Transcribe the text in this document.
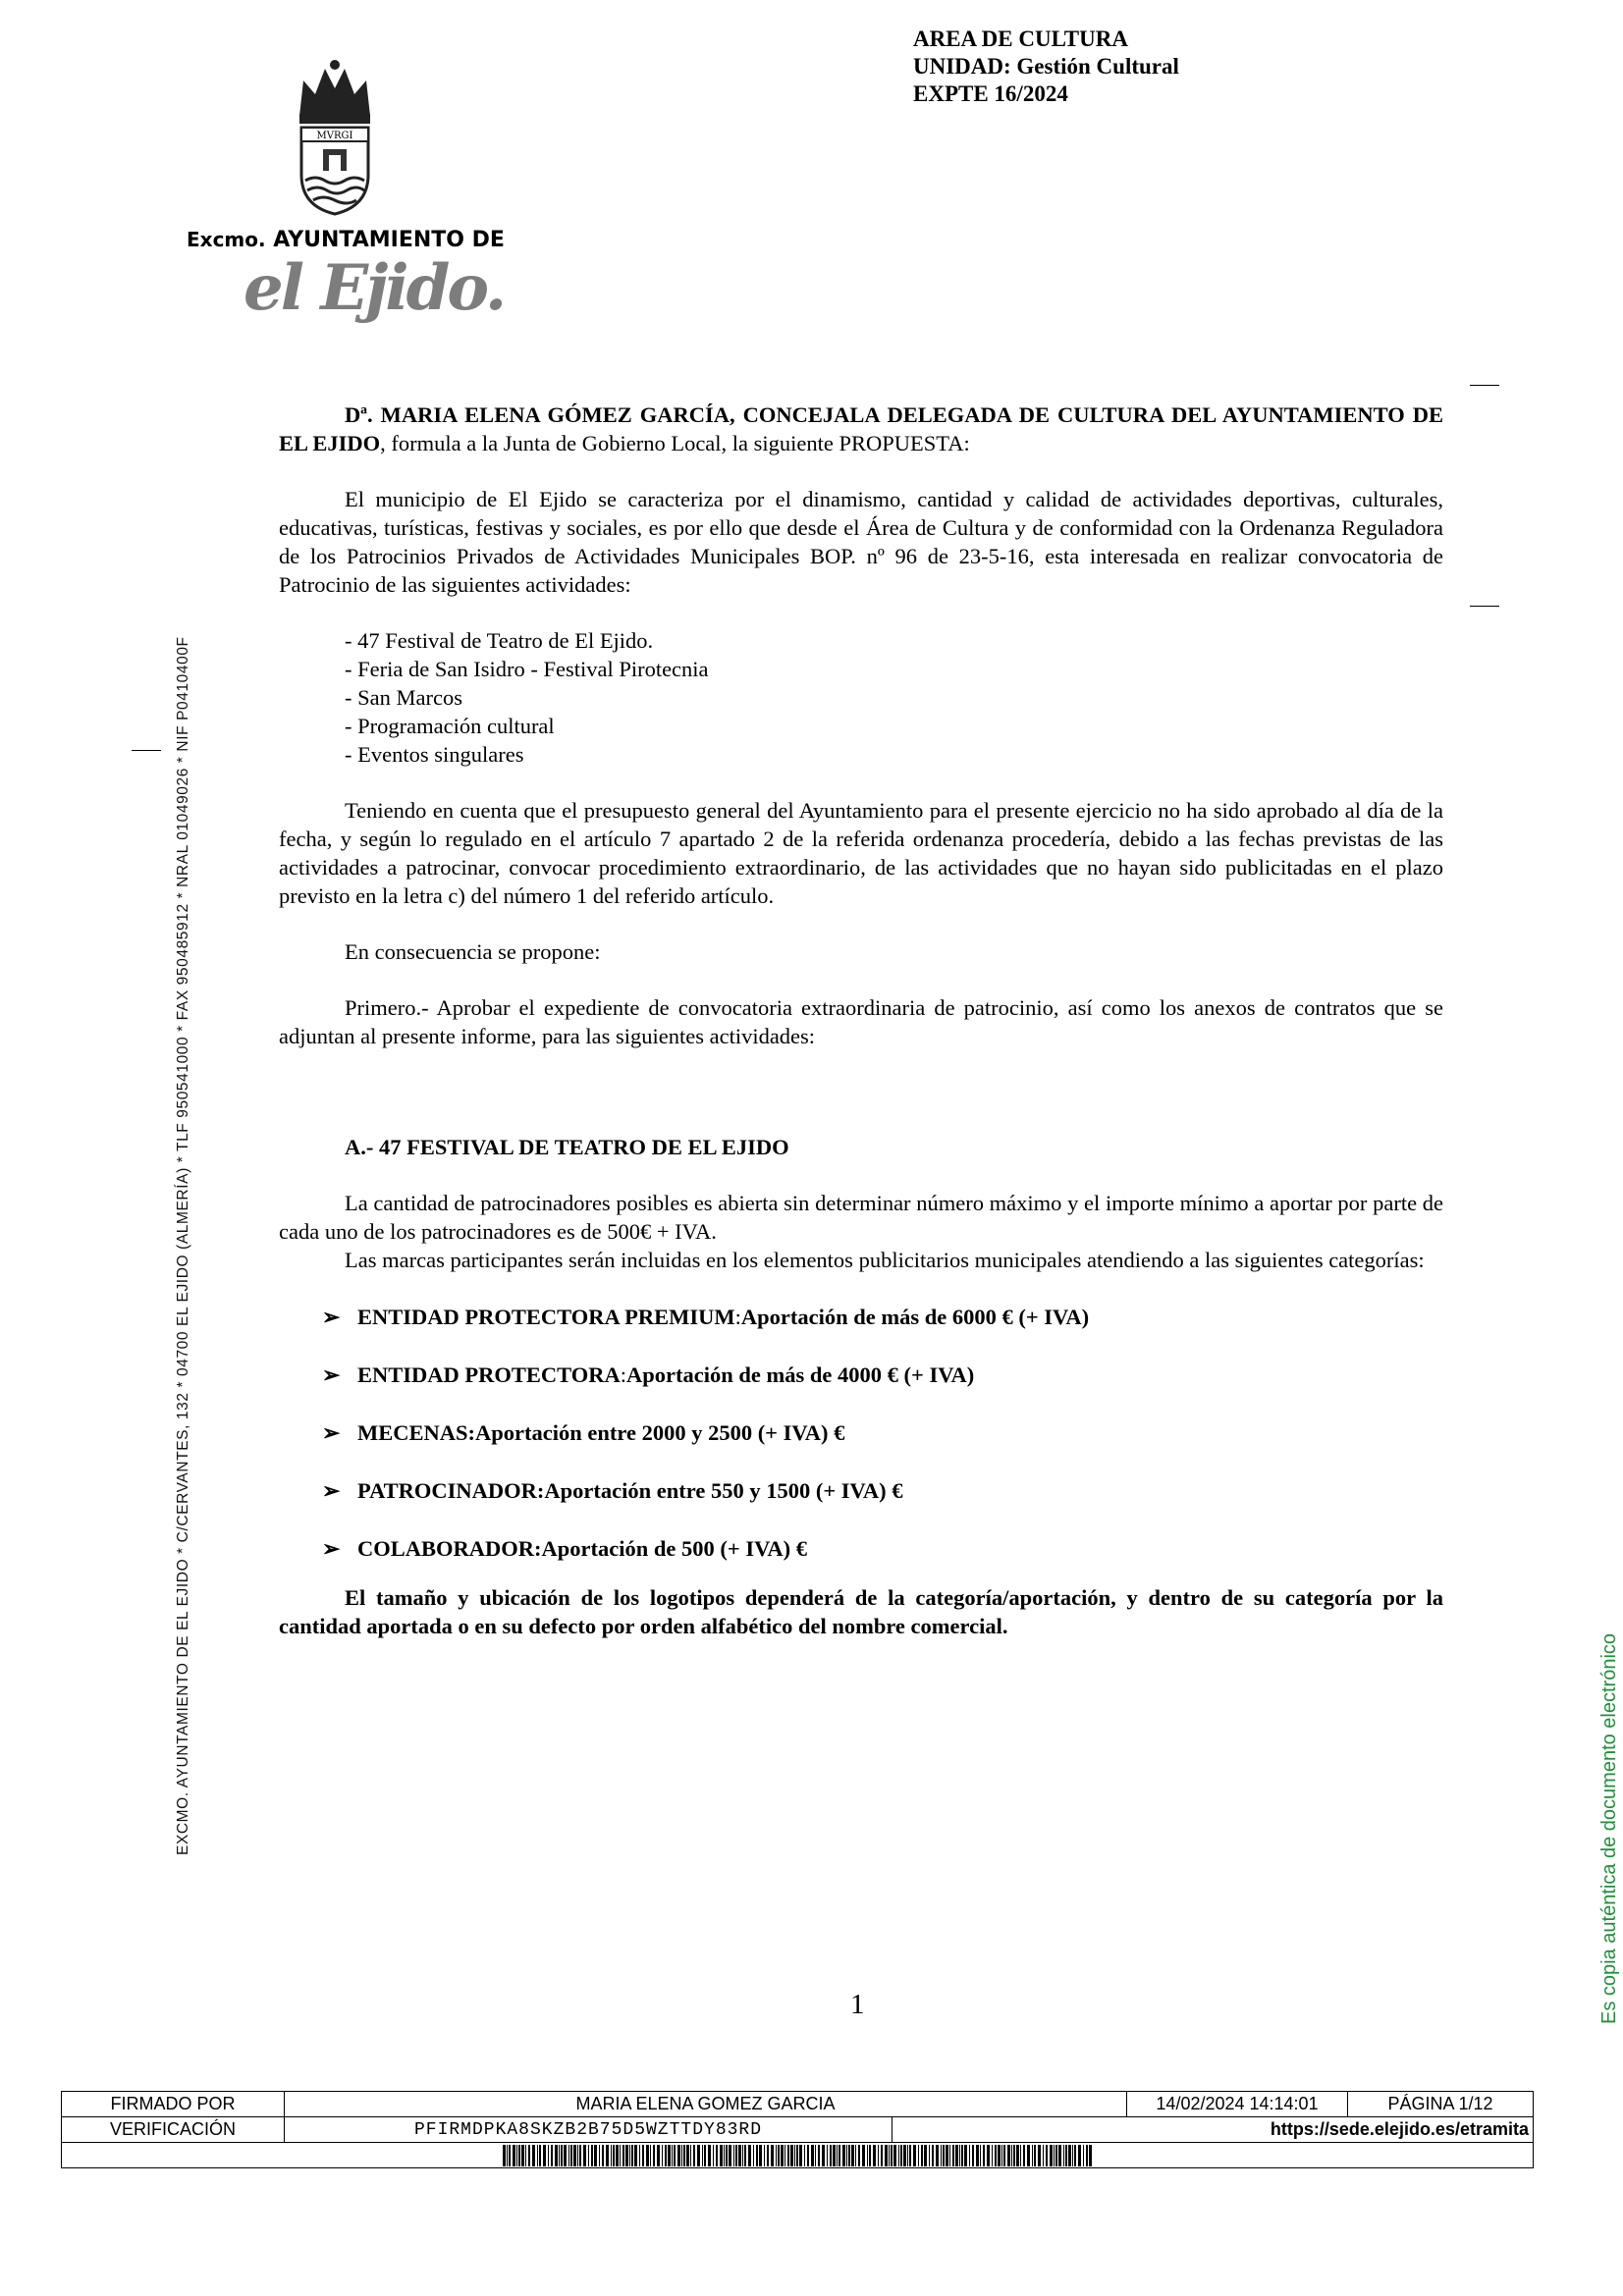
AREA DE CULTURA
UNIDAD: Gestión Cultural
EXPTE 16/2024
MVRGI
Excmo. AYUNTAMIENTO DE
el Ejido.
EXCMO. AYUNTAMIENTO DE EL EJIDO * C/CERVANTES, 132 * 04700 EL EJIDO (ALMERÍA) * TLF 950541000 * FAX 950485912 * NRAL 01049026 * NIF P0410400F	Es copia auténtica de documento electrónico

Dª. MARIA ELENA GÓMEZ GARCÍA, CONCEJALA DELEGADA DE CULTURA DEL AYUNTAMIENTO DE EL EJIDO, formula a la Junta de Gobierno Local, la siguiente PROPUESTA:

El municipio de El Ejido se caracteriza por el dinamismo, cantidad y calidad de actividades deportivas, culturales, educativas, turísticas, festivas y sociales, es por ello que desde el Área de Cultura y de conformidad con la Ordenanza Reguladora de los Patrocinios Privados de Actividades Municipales BOP. nº 96 de 23-5-16, esta interesada en realizar convocatoria de Patrocinio de las siguientes actividades:

- 47 Festival de Teatro de El Ejido.
- Feria de San Isidro - Festival Pirotecnia
- San Marcos
- Programación cultural
- Eventos singulares

Teniendo en cuenta que el presupuesto general del Ayuntamiento para el presente ejercicio no ha sido aprobado al día de la fecha, y según lo regulado en el artículo 7 apartado 2 de la referida ordenanza procedería, debido a las fechas previstas de las actividades a patrocinar, convocar procedimiento extraordinario, de las actividades que no hayan sido publicitadas en el plazo previsto en la letra c) del número 1 del referido artículo.

En consecuencia se propone:

Primero.- Aprobar el expediente de convocatoria extraordinaria de patrocinio, así como los anexos de contratos que se adjuntan al presente informe, para las siguientes actividades:

A.- 47 FESTIVAL DE TEATRO DE EL EJIDO

La cantidad de patrocinadores posibles es abierta sin determinar número máximo y el importe mínimo a aportar por parte de cada uno de los patrocinadores es de 500€ + IVA.

Las marcas participantes serán incluidas en los elementos publicitarios municipales atendiendo a las siguientes categorías:

➢ ENTIDAD PROTECTORA PREMIUM : Aportación de más de 6000 € (+ IVA)
➢ ENTIDAD PROTECTORA : Aportación de más de 4000 € (+ IVA)
➢ MECENAS: Aportación entre 2000 y 2500 (+ IVA) €
➢ PATROCINADOR: Aportación entre 550 y 1500 (+ IVA) €
➢ COLABORADOR: Aportación de 500 (+ IVA) €

El tamaño y ubicación de los logotipos dependerá de la categoría/aportación, y dentro de su categoría por la cantidad aportada o en su defecto por orden alfabético del nombre comercial.

1
FIRMADO POR	MARIA ELENA GOMEZ GARCIA		14/02/2024 14:14:01	PÁGINA 1/12
VERIFICACIÓN	PFIRMDPKA8SKZB2B75D5WZTTDY83RD	https://sede.elejido.es/etramita		
